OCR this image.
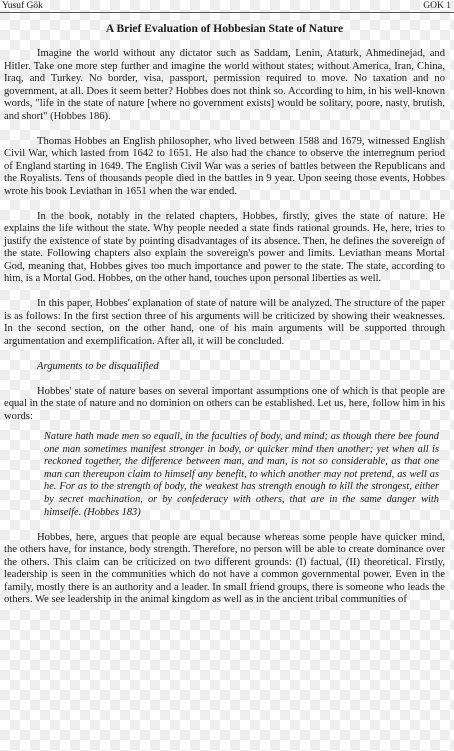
Yusuf Gök	GOK 1
A Brief Evaluation of Hobbesian State of Nature

Imagine the world without any dictator such as Saddam, Lenin, Ataturk, Ahmedinejad, and Hitler. Take one more step further and imagine the world without states; without America, Iran, China, Iraq, and Turkey. No border, visa, passport, permission required to move. No taxation and no government, at all. Does it seem better? Hobbes does not think so. According to him, in his well-known words, "life in the state of nature [where no government exists] would be solitary, poore, nasty, brutish, and short" (Hobbes 186).

Thomas Hobbes an English philosopher, who lived between 1588 and 1679, witnessed English Civil War, which lasted from 1642 to 1651. He also had the chance to observe the interregnum period of England starting in 1649. The English Civil War was a series of battles between the Republicans and the Royalists. Tens of thousands people died in the battles in 9 year. Upon seeing those events, Hobbes wrote his book Leviathan in 1651 when the war ended.

In the book, notably in the related chapters, Hobbes, firstly, gives the state of nature. He explains the life without the state. Why people needed a state finds rational grounds. He, here, tries to justify the existence of state by pointing disadvantages of its absence. Then, he defines the sovereign of the state. Following chapters also explain the sovereign's power and limits. Leviathan means Mortal God, meaning that, Hobbes gives too much importance and power to the state. The state, according to him, is a Mortal God. Hobbes, on the other hand, touches upon personal liberties as well.

In this paper, Hobbes' explanation of state of nature will be analyzed. The structure of the paper is as follows: In the first section three of his arguments will be criticized by showing their weaknesses. In the second section, on the other hand, one of his main arguments will be supported through argumentation and exemplification. After all, it will be concluded.

Arguments to be disqualified

Hobbes' state of nature bases on several important assumptions one of which is that people are equal in the state of nature and no dominion on others can be established. Let us, here, follow him in his words:

Nature hath made men so equall, in the faculties of body, and mind; as though there bee found one man sometimes manifest stronger in body, or quicker mind then another; yet when all is reckoned together, the difference between man, and man, is not so considerable, as that one man can thereupon claim to himself any benefit, to which another may not pretend, as well as he. For as to the strength of body, the weakest has strength enough to kill the strongest, either by secret machination, or by confederacy with others, that are in the same danger with himselfe. (Hobbes 183)

Hobbes, here, argues that people are equal because whereas some people have quicker mind, the others have, for instance, body strength. Therefore, no person will be able to create dominance over the others. This claim can be criticized on two different grounds: (I) factual, (II) theoretical. Firstly, leadership is seen in the communities which do not have a common governmental power. Even in the family, mostly there is an authority and a leader. In small friend groups, there is someone who leads the others. We see leadership in the animal kingdom as well as in the ancient tribal communities of
